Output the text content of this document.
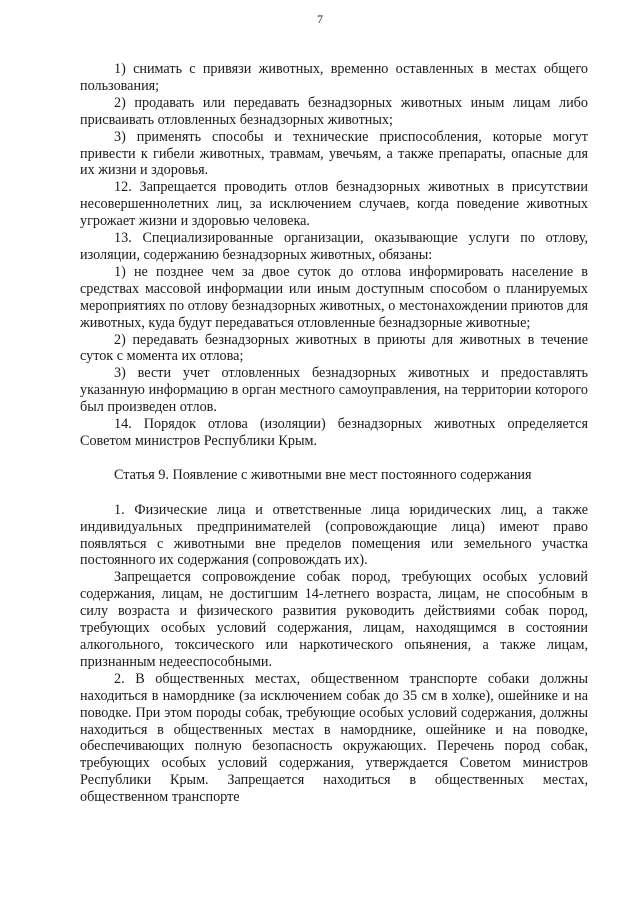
7

1) снимать с привязи животных, временно оставленных в местах общего пользования;

2) продавать или передавать безнадзорных животных иным лицам либо присваивать отловленных безнадзорных животных;

3) применять способы и технические приспособления, которые могут привести к гибели животных, травмам, увечьям, а также препараты, опасные для их жизни и здоровья.

12. Запрещается проводить отлов безнадзорных животных в присутствии несовершеннолетних лиц, за исключением случаев, когда поведение животных угрожает жизни и здоровью человека.

13. Специализированные организации, оказывающие услуги по отлову, изоляции, содержанию безнадзорных животных, обязаны:

1) не позднее чем за двое суток до отлова информировать население в средствах массовой информации или иным доступным способом о планируемых мероприятиях по отлову безнадзорных животных, о местонахождении приютов для животных, куда будут передаваться отловленные безнадзорные животные;

2) передавать безнадзорных животных в приюты для животных в течение суток с момента их отлова;

3) вести учет отловленных безнадзорных животных и предоставлять указанную информацию в орган местного самоуправления, на территории которого был произведен отлов.

14. Порядок отлова (изоляции) безнадзорных животных определяется Советом министров Республики Крым.

Статья 9. Появление с животными вне мест постоянного содержания

1. Физические лица и ответственные лица юридических лиц, а также индивидуальных предпринимателей (сопровождающие лица) имеют право появляться с животными вне пределов помещения или земельного участка постоянного их содержания (сопровождать их).

Запрещается сопровождение собак пород, требующих особых условий содержания, лицам, не достигшим 14-летнего возраста, лицам, не способным в силу возраста и физического развития руководить действиями собак пород, требующих особых условий содержания, лицам, находящимся в состоянии алкогольного, токсического или наркотического опьянения, а также лицам, признанным недееспособными.

2. В общественных местах, общественном транспорте собаки должны находиться в наморднике (за исключением собак до 35 см в холке), ошейнике и на поводке. При этом породы собак, требующие особых условий содержания, должны находиться в общественных местах в наморднике, ошейнике и на поводке, обеспечивающих полную безопасность окружающих. Перечень пород собак, требующих особых условий содержания, утверждается Советом министров Республики Крым. Запрещается находиться в общественных местах, общественном транспорте
